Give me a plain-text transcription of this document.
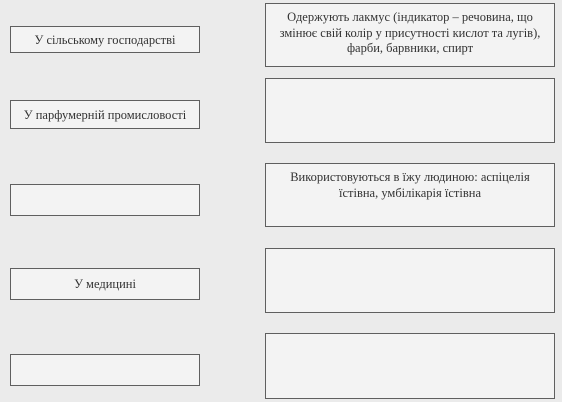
У сільському господарстві
У парфумерній промисловості
У медицині
Одержують лакмус (індикатор – речовина, що змінює свій колір у присутності кислот та лугів), фарби, барвники, спирт
Використовуються в їжу людиною: аспіцелія їстівна, умбілікарія їстівна
